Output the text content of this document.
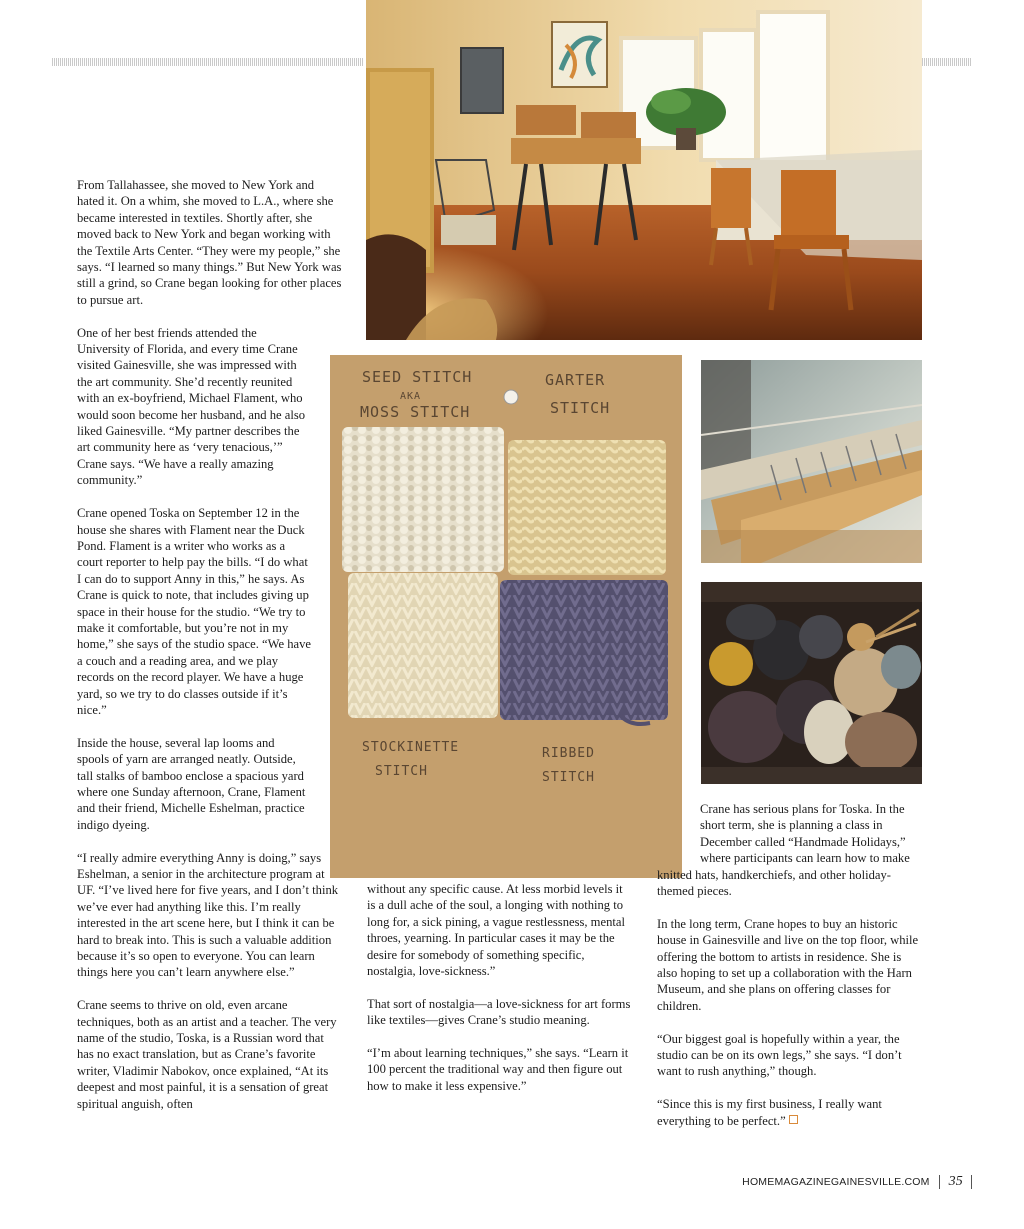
SEED STITCH
AKA
MOSS STITCH
GARTER
STITCH
STOCKINETTE
STITCH
RIBBED
STITCH

From Tallahassee, she moved to New York and hated it. On a whim, she moved to L.A., where she became interested in textiles. Shortly after, she moved back to New York and began working with the Textile Arts Center. “They were my people,” she says. “I learned so many things.” But New York was still a grind, so Crane began looking for other places to pursue art.

One of her best friends attended the University of Florida, and every time Crane visited Gainesville, she was impressed with the art community. She’d recently reunited with an ex-boyfriend, Michael Flament, who would soon become her husband, and he also liked Gainesville. “My partner describes the art community here as ‘very tenacious,’” Crane says. “We have a really amazing community.”

Crane opened Toska on September 12 in the house she shares with Flament near the Duck Pond. Flament is a writer who works as a court reporter to help pay the bills. “I do what I can do to support Anny in this,” he says. As Crane is quick to note, that includes giving up space in their house for the studio. “We try to make it comfortable, but you’re not in my home,” she says of the studio space. “We have a couch and a reading area, and we play records on the record player. We have a huge yard, so we try to do classes outside if it’s nice.”

Inside the house, several lap looms and spools of yarn are arranged neatly. Outside, tall stalks of bamboo enclose a spacious yard where one Sunday afternoon, Crane, Flament and their friend, Michelle Eshelman, practice indigo dyeing.

“I really admire everything Anny is doing,” says Eshelman, a senior in the architecture program at UF. “I’ve lived here for five years, and I don’t think we’ve ever had anything like this. I’m really interested in the art scene here, but I think it can be hard to break into. This is such a valuable addition because it’s so open to everyone. You can learn things here you can’t learn anywhere else.”

Crane seems to thrive on old, even arcane techniques, both as an artist and a teacher. The very name of the studio, Toska, is a Russian word that has no exact translation, but as Crane’s favorite writer, Vladimir Nabokov, once explained, “At its deepest and most painful, it is a sensation of great spiritual anguish, often

without any specific cause. At less morbid levels it is a dull ache of the soul, a longing with nothing to long for, a sick pining, a vague restlessness, mental throes, yearning. In particular cases it may be the desire for somebody of something specific, nostalgia, love-sickness.”

That sort of nostalgia—a love-sickness for art forms like textiles—gives Crane’s studio meaning.

“I’m about learning techniques,” she says. “Learn it 100 percent the traditional way and then figure out how to make it less expensive.”

Crane has serious plans for Toska. In the short term, she is planning a class in December called “Handmade Holidays,” where participants can learn how to make knitted hats, handkerchiefs, and other holiday-themed pieces.

In the long term, Crane hopes to buy an historic house in Gainesville and live on the top floor, while offering the bottom to artists in residence. She is also hoping to set up a collaboration with the Harn Museum, and she plans on offering classes for children.

“Our biggest goal is hopefully within a year, the studio can be on its own legs,” she says. “I don’t want to rush anything,” though.

“Since this is my first business, I really want everything to be perfect.”

HOMEMAGAZINEGAINESVILLE.COM 35
